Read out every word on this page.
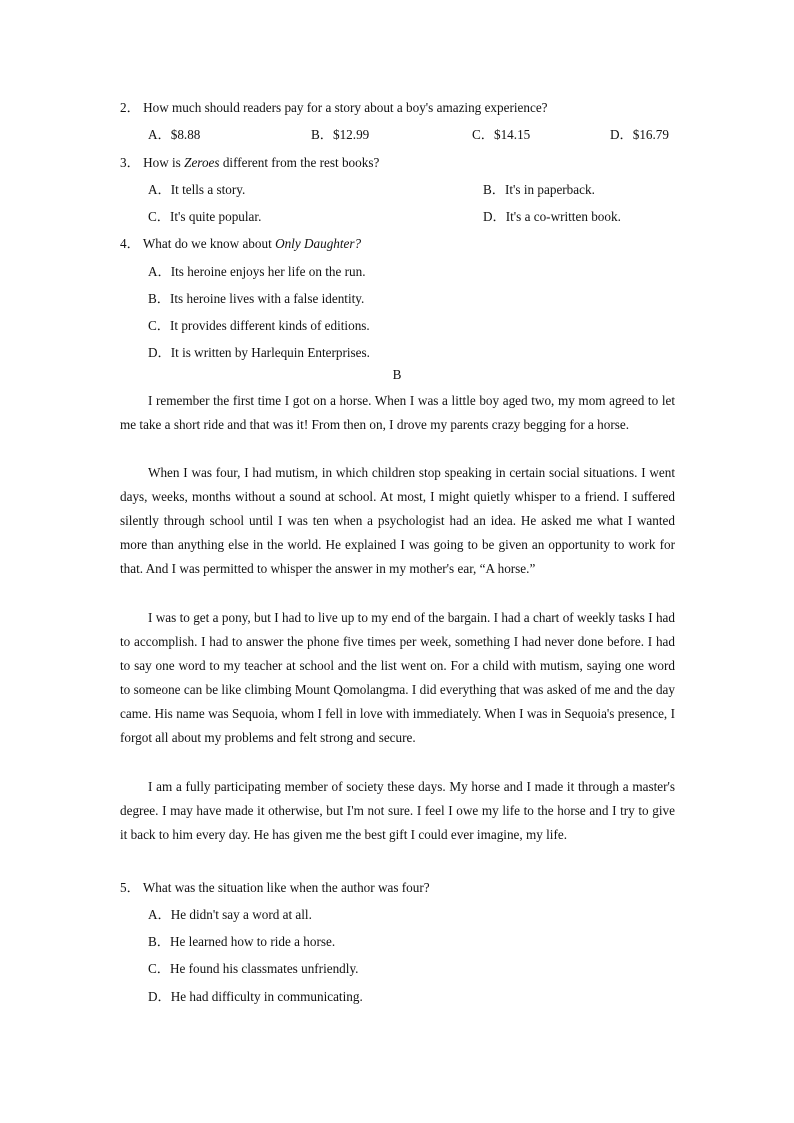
2． How much should readers pay for a story about a boy's amazing experience?
A．$8.88	B．$12.99	C．$14.15	D．$16.79
3． How is Zeroes different from the rest books?
A．It tells a story.	B．It's in paperback.
C．It's quite popular.	D．It's a co-written book.
4． What do we know about Only Daughter?
A．Its heroine enjoys her life on the run.
B．Its heroine lives with a false identity.
C．It provides different kinds of editions.
D．It is written by Harlequin Enterprises.
B

I remember the first time I got on a horse. When I was a little boy aged two, my mom agreed to let me take a short ride and that was it! From then on, I drove my parents crazy begging for a horse.

When I was four, I had mutism, in which children stop speaking in certain social situations. I went days, weeks, months without a sound at school. At most, I might quietly whisper to a friend. I suffered silently through school until I was ten when a psychologist had an idea. He asked me what I wanted more than anything else in the world. He explained I was going to be given an opportunity to work for that. And I was permitted to whisper the answer in my mother's ear, “A horse.”

I was to get a pony, but I had to live up to my end of the bargain. I had a chart of weekly tasks I had to accomplish. I had to answer the phone five times per week, something I had never done before. I had to say one word to my teacher at school and the list went on. For a child with mutism, saying one word to someone can be like climbing Mount Qomolangma. I did everything that was asked of me and the day came. His name was Sequoia, whom I fell in love with immediately. When I was in Sequoia's presence, I forgot all about my problems and felt strong and secure.

I am a fully participating member of society these days. My horse and I made it through a master's degree. I may have made it otherwise, but I'm not sure. I feel I owe my life to the horse and I try to give it back to him every day. He has given me the best gift I could ever imagine, my life.

5． What was the situation like when the author was four?
A．He didn't say a word at all.
B．He learned how to ride a horse.
C．He found his classmates unfriendly.
D．He had difficulty in communicating.
